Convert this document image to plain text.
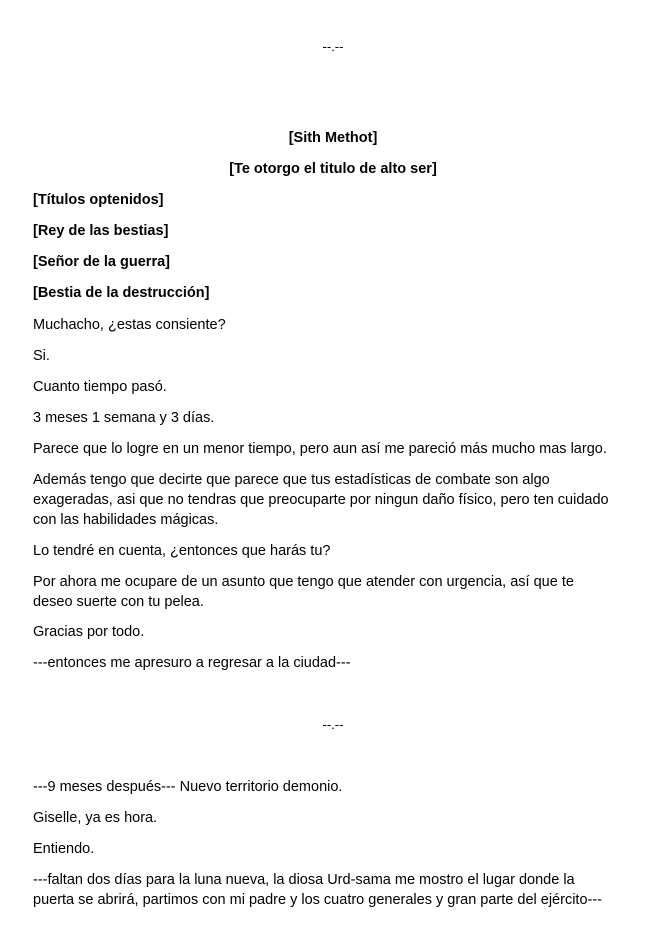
--.--
[Sith Methot]
[Te otorgo el titulo de alto ser]
[Títulos optenidos]
[Rey de las bestias]
[Señor de la guerra]
[Bestia de la destrucción]
Muchacho, ¿estas consiente?
Si.
Cuanto tiempo pasó.
3 meses 1 semana y 3 días.
Parece que lo logre en un menor tiempo, pero aun así me pareció más mucho mas largo.
Además tengo que decirte que parece que tus estadísticas de combate son algo
exageradas, asi que no tendras que preocuparte por ningun daño físico, pero ten cuidado
con las habilidades mágicas.
Lo tendré en cuenta, ¿entonces que harás tu?
Por ahora me ocupare de un asunto que tengo que atender con urgencia, así que te
deseo suerte con tu pelea.
Gracias por todo.
---entonces me apresuro a regresar a la ciudad---
--.--
---9 meses después--- Nuevo territorio demonio.
Giselle, ya es hora.
Entiendo.
---faltan dos días para la luna nueva, la diosa Urd-sama me mostro el lugar donde la
puerta se abrirá, partimos con mi padre y los cuatro generales y gran parte del ejército---
